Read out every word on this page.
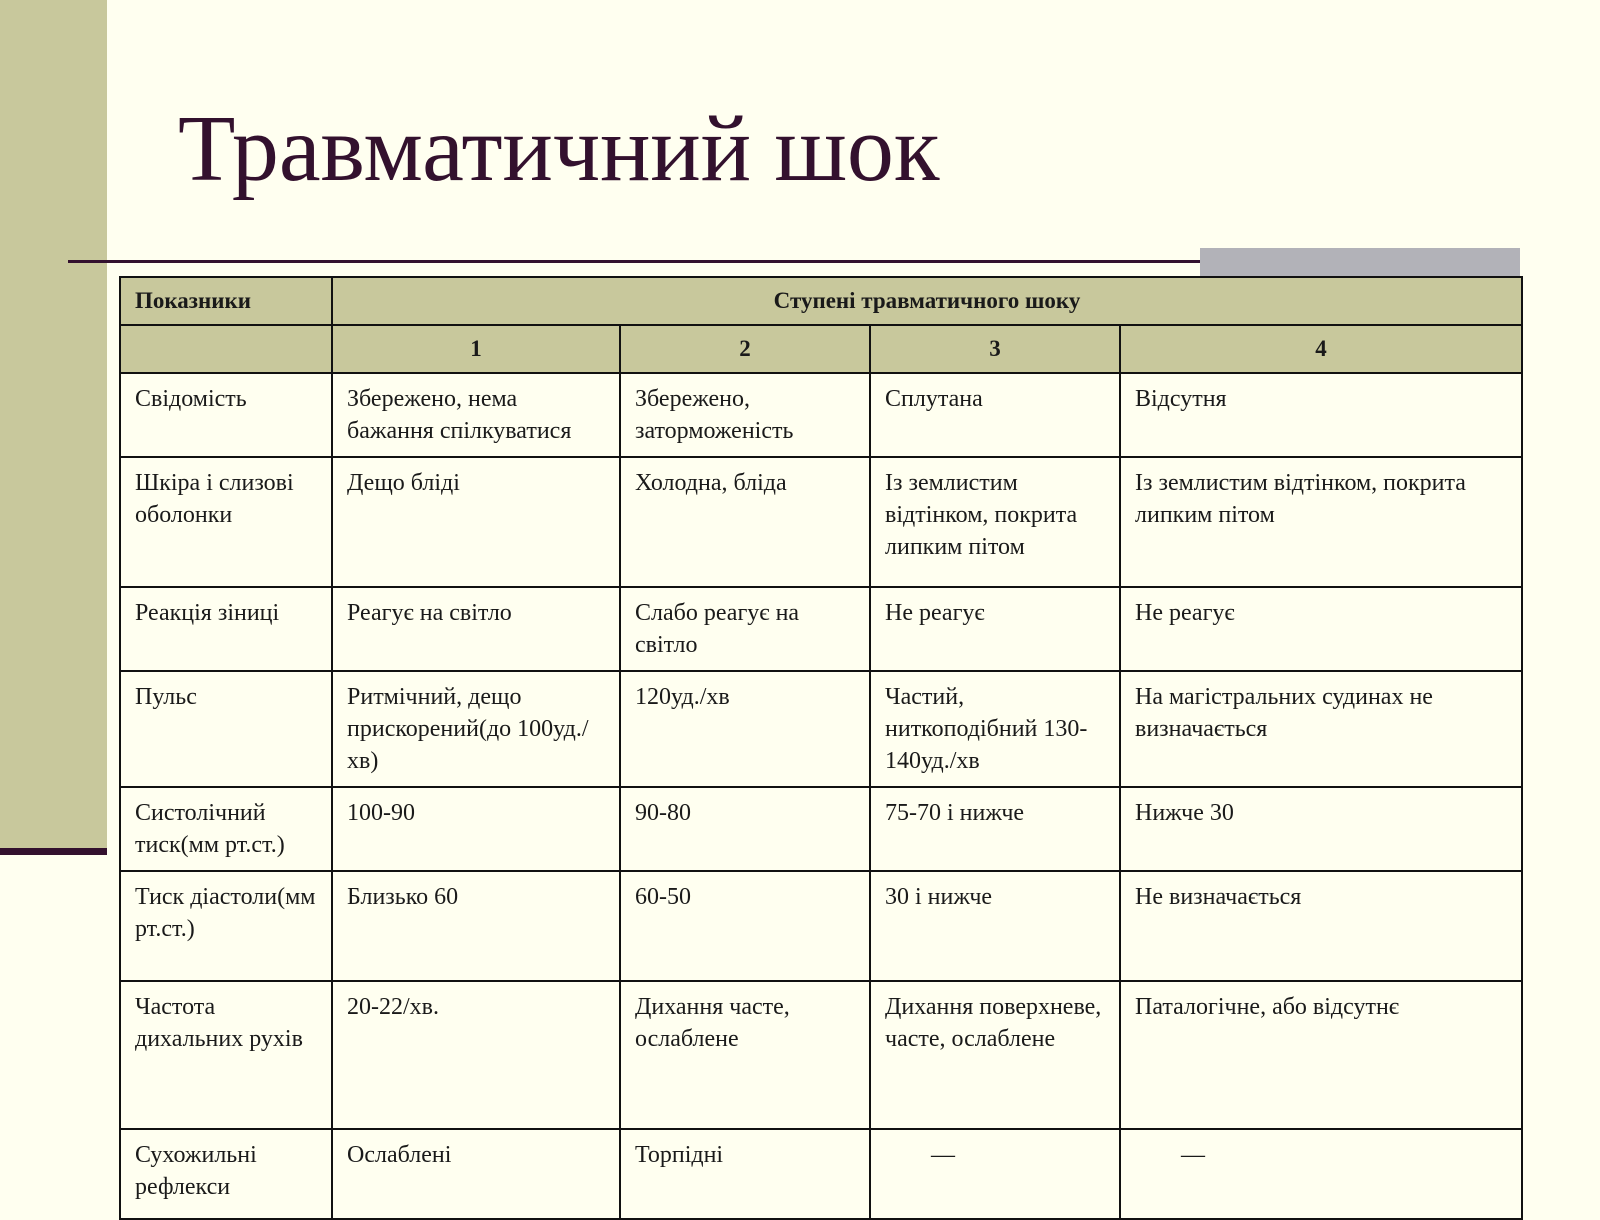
Травматичний шок
Показники	Ступені травматичного шоку			
	1	2	3	4
Свідомість	Збережено, нема бажання спілкуватися	Збережено, заторможеність	Сплутана	Відсутня
Шкіра і слизові оболонки	Дещо бліді	Холодна, бліда	Із землистим відтінком, покрита липким пітом	Із землистим відтінком, покрита липким пітом
Реакція зіниці	Реагує на світло	Слабо реагує на світло	Не реагує	Не реагує
Пульс	Ритмічний, дещо прискорений(до 100уд./хв)	120уд./хв	Частий, ниткоподібний 130-140уд./хв	На магістральних судинах не визначається
Систолічний тиск(мм рт.ст.)	100-90	90-80	75-70 і нижче	Нижче 30
Тиск діастоли(мм рт.ст.)	Близько 60	60-50	30 і нижче	Не визначається
Частота дихальних рухів	20-22/хв.	Дихання часте, ослаблене	Дихання поверхневе, часте, ослаблене	Паталогічне, або відсутнє
Сухожильні рефлекси	Ослаблені	Торпідні	—	—
